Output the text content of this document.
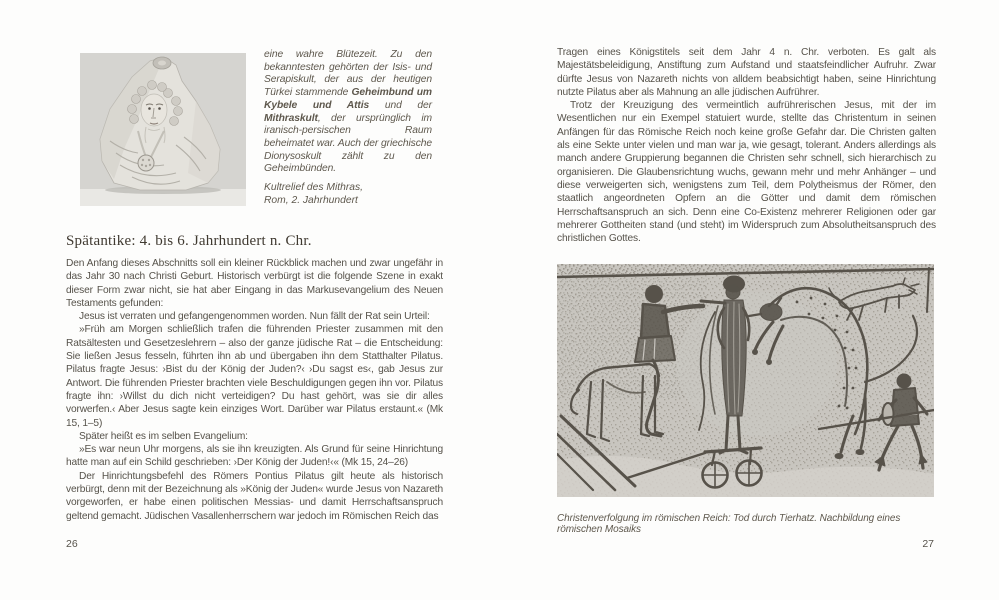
eine wahre Blütezeit. Zu den bekanntesten gehörten der Isis- und Serapiskult, der aus der heutigen Türkei stammende Geheimbund um Kybele und Attis und der Mithraskult, der ursprünglich im iranisch-persischen Raum beheimatet war. Auch der griechische Dionysoskult zählt zu den Geheimbünden.
Kultrelief des Mithras,
Rom, 2. Jahrhundert
Spätantike: 4. bis 6. Jahrhundert n. Chr.

Den Anfang dieses Abschnitts soll ein kleiner Rückblick machen und zwar ungefähr in das Jahr 30 nach Christi Geburt. Historisch verbürgt ist die folgende Szene in exakt dieser Form zwar nicht, sie hat aber Eingang in das Markusevangelium des Neuen Testaments gefunden:

Jesus ist verraten und gefangengenommen worden. Nun fällt der Rat sein Urteil:

»Früh am Morgen schließlich trafen die führenden Priester zusammen mit den Ratsältesten und Gesetzeslehrern – also der ganze jüdische Rat – die Entscheidung: Sie ließen Jesus fesseln, führten ihn ab und übergaben ihn dem Statthalter Pilatus. Pilatus fragte Jesus: ›Bist du der König der Juden?‹ ›Du sagst es‹, gab Jesus zur Antwort. Die führenden Priester brachten viele Beschuldigungen gegen ihn vor. Pilatus fragte ihn: ›Willst du dich nicht verteidigen? Du hast gehört, was sie dir alles vorwerfen.‹ Aber Jesus sagte kein einziges Wort. Darüber war Pilatus erstaunt.« (Mk 15, 1–5)

Später heißt es im selben Evangelium:

»Es war neun Uhr morgens, als sie ihn kreuzigten. Als Grund für seine Hinrichtung hatte man auf ein Schild geschrieben: ›Der König der Juden!‹« (Mk 15, 24–26)

Der Hinrichtungsbefehl des Römers Pontius Pilatus gilt heute als historisch verbürgt, denn mit der Bezeichnung als »König der Juden« wurde Jesus von Nazareth vorgeworfen, er habe einen politischen Messias- und damit Herrschaftsanspruch geltend gemacht. Jüdischen Vasallenherrschern war jedoch im Römischen Reich das

26

Tragen eines Königstitels seit dem Jahr 4 n. Chr. verboten. Es galt als Majestätsbeleidigung, Anstiftung zum Aufstand und staatsfeindlicher Aufruhr. Zwar dürfte Jesus von Nazareth nichts von alldem beabsichtigt haben, seine Hinrichtung nutzte Pilatus aber als Mahnung an alle jüdischen Aufrührer.

Trotz der Kreuzigung des vermeintlich aufrührerischen Jesus, mit der im Wesentlichen nur ein Exempel statuiert wurde, stellte das Christentum in seinen Anfängen für das Römische Reich noch keine große Gefahr dar. Die Christen galten als eine Sekte unter vielen und man war ja, wie gesagt, tolerant. Anders allerdings als manch andere Gruppierung begannen die Christen sehr schnell, sich hierarchisch zu organisieren. Die Glaubensrichtung wuchs, gewann mehr und mehr Anhänger – und diese verweigerten sich, wenigstens zum Teil, dem Polytheismus der Römer, den staatlich angeordneten Opfern an die Götter und damit dem römischen Herrschaftsanspruch an sich. Denn eine Co-Existenz mehrerer Religionen oder gar mehrerer Gottheiten stand (und steht) im Widerspruch zum Absolutheitsanspruch des christlichen Gottes.

Christenverfolgung im römischen Reich: Tod durch Tierhatz. Nachbildung eines römischen Mosaiks
27
